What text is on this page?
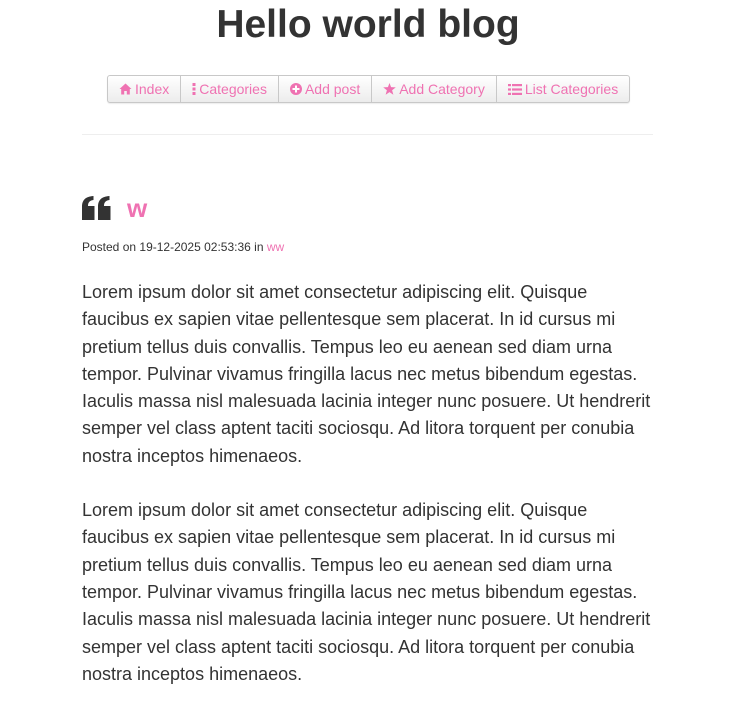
Hello world blog
Index Categories	Add post	Add Category	List Categories
w
Posted on 19-12-2025 02:53:36 in ww

Lorem ipsum dolor sit amet consectetur adipiscing elit. Quisque faucibus ex sapien vitae pellentesque sem placerat. In id cursus mi pretium tellus duis convallis. Tempus leo eu aenean sed diam urna tempor. Pulvinar vivamus fringilla lacus nec metus bibendum egestas. Iaculis massa nisl malesuada lacinia integer nunc posuere. Ut hendrerit semper vel class aptent taciti sociosqu. Ad litora torquent per conubia nostra inceptos himenaeos.

Lorem ipsum dolor sit amet consectetur adipiscing elit. Quisque faucibus ex sapien vitae pellentesque sem placerat. In id cursus mi pretium tellus duis convallis. Tempus leo eu aenean sed diam urna tempor. Pulvinar vivamus fringilla lacus nec metus bibendum egestas. Iaculis massa nisl malesuada lacinia integer nunc posuere. Ut hendrerit semper vel class aptent taciti sociosqu. Ad litora torquent per conubia nostra inceptos himenaeos.
